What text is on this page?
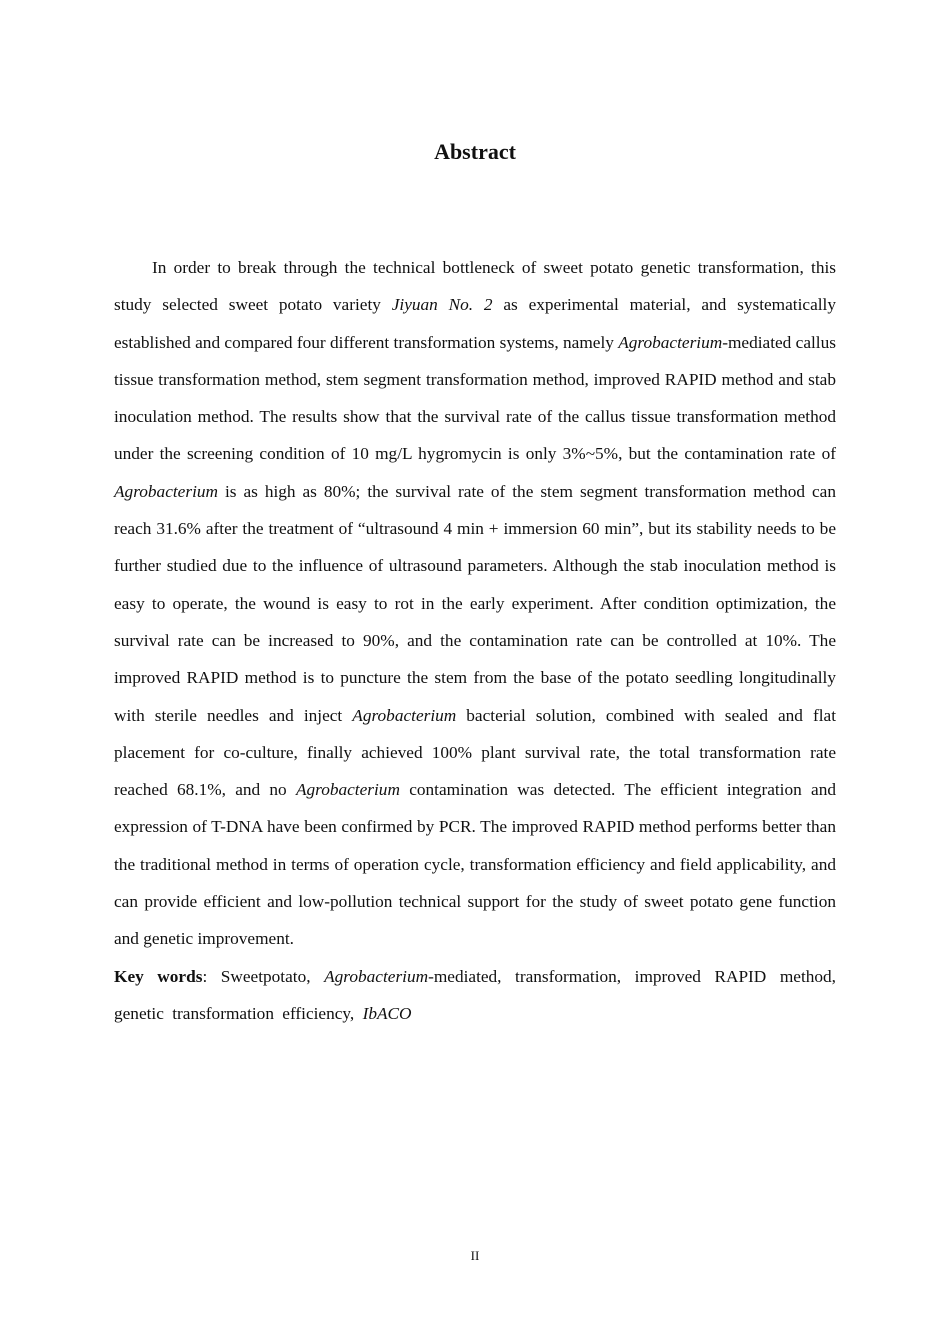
Abstract

In order to break through the technical bottleneck of sweet potato genetic transformation, this study selected sweet potato variety Jiyuan No. 2 as experimental material, and systematically established and compared four different transformation systems, namely Agrobacterium-mediated callus tissue transformation method, stem segment transformation method, improved RAPID method and stab inoculation method. The results show that the survival rate of the callus tissue transformation method under the screening condition of 10 mg/L hygromycin is only 3%~5%, but the contamination rate of Agrobacterium is as high as 80%; the survival rate of the stem segment transformation method can reach 31.6% after the treatment of “ultrasound 4 min + immersion 60 min”, but its stability needs to be further studied due to the influence of ultrasound parameters. Although the stab inoculation method is easy to operate, the wound is easy to rot in the early experiment. After condition optimization, the survival rate can be increased to 90%, and the contamination rate can be controlled at 10%. The improved RAPID method is to puncture the stem from the base of the potato seedling longitudinally with sterile needles and inject Agrobacterium bacterial solution, combined with sealed and flat placement for co-culture, finally achieved 100% plant survival rate, the total transformation rate reached 68.1%, and no Agrobacterium contamination was detected. The efficient integration and expression of T-DNA have been confirmed by PCR. The improved RAPID method performs better than the traditional method in terms of operation cycle, transformation efficiency and field applicability, and can provide efficient and low-pollution technical support for the study of sweet potato gene function and genetic improvement.

Key words: Sweetpotato, Agrobacterium-mediated, transformation, improved RAPID method, genetic transformation efficiency, IbACO

II
